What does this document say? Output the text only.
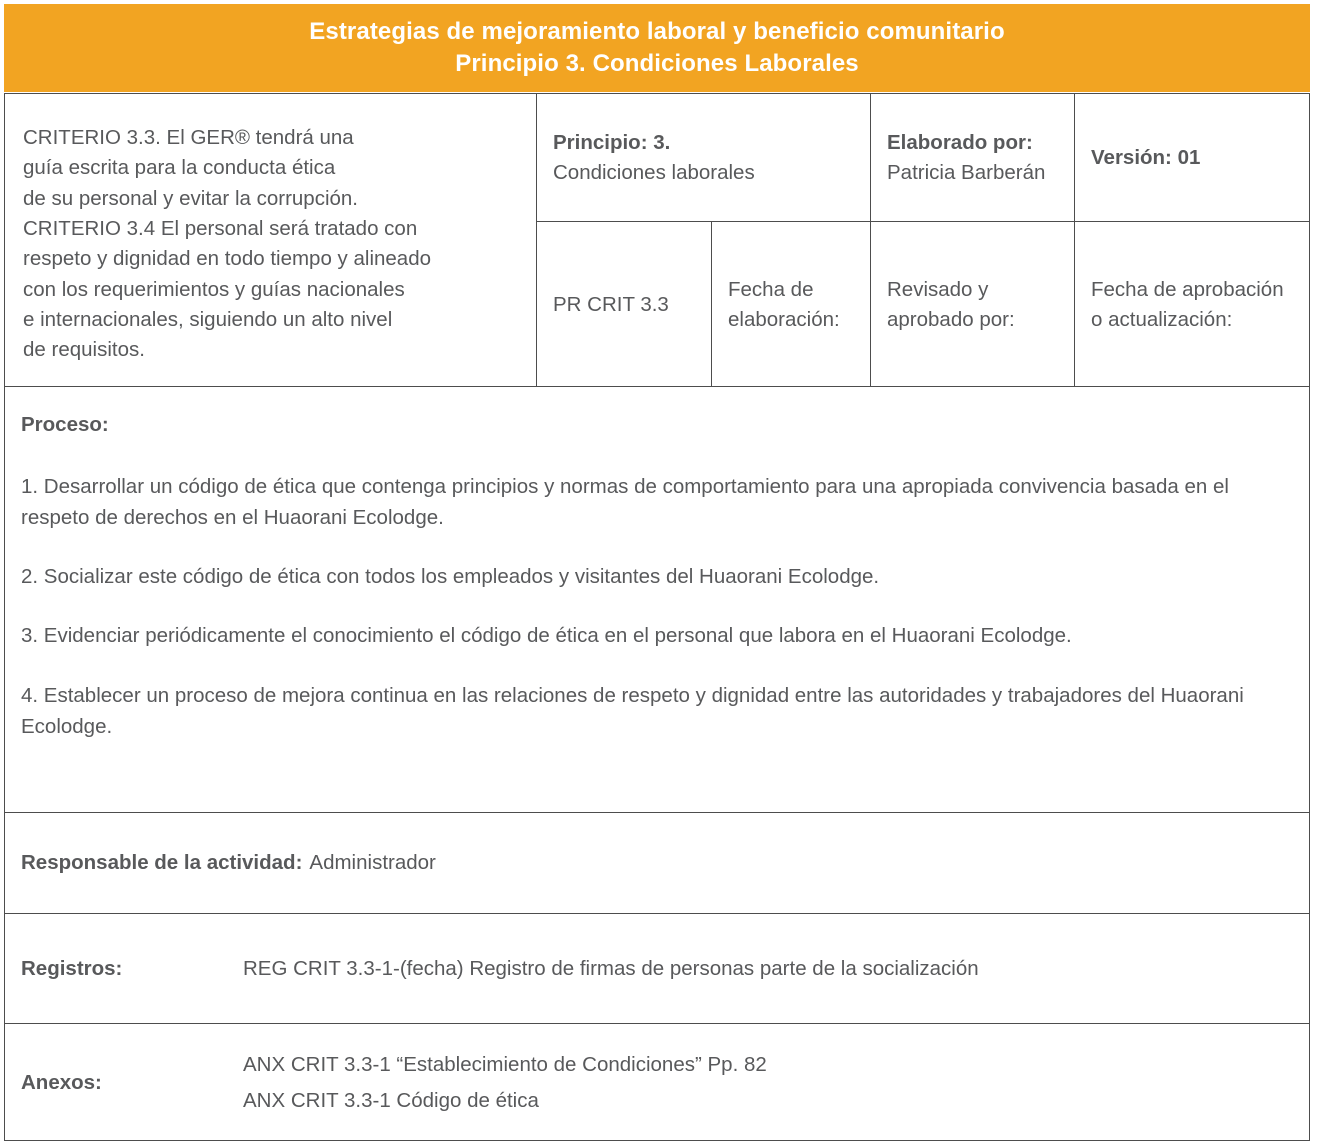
Estrategias de mejoramiento laboral y beneficio comunitario
Principio 3. Condiciones Laborales

CRITERIO 3.3. El GER® tendrá una

guía escrita para la conducta ética

de su personal y evitar la corrupción.

CRITERIO 3.4 El personal será tratado con

respeto y dignidad en todo tiempo y alineado

con los requerimientos y guías nacionales

e internacionales, siguiendo un alto nivel

de requisitos.

Principio: 3.
Condiciones laborales
Elaborado por:
Patricia Barberán
Versión: 01
PR CRIT 3.3
Fecha de
elaboración:
Revisado y
aprobado por:
Fecha de aprobación
o actualización:

Proceso:

1. Desarrollar un código de ética que contenga principios y normas de comportamiento para una apropiada convivencia basada en el respeto de derechos en el Huaorani Ecolodge.

2. Socializar este código de ética con todos los empleados y visitantes del Huaorani Ecolodge.

3. Evidenciar periódicamente el conocimiento el código de ética en el personal que labora en el Huaorani Ecolodge.

4. Establecer un proceso de mejora continua en las relaciones de respeto y dignidad entre las autoridades y trabajadores del Huaorani Ecolodge.

Responsable de la actividad: Administrador
Registros:	REG CRIT 3.3-1-(fecha) Registro de firmas de personas parte de la socialización
Anexos:
ANX CRIT 3.3-1 “Establecimiento de Condiciones” Pp. 82
ANX CRIT 3.3-1 Código de ética
